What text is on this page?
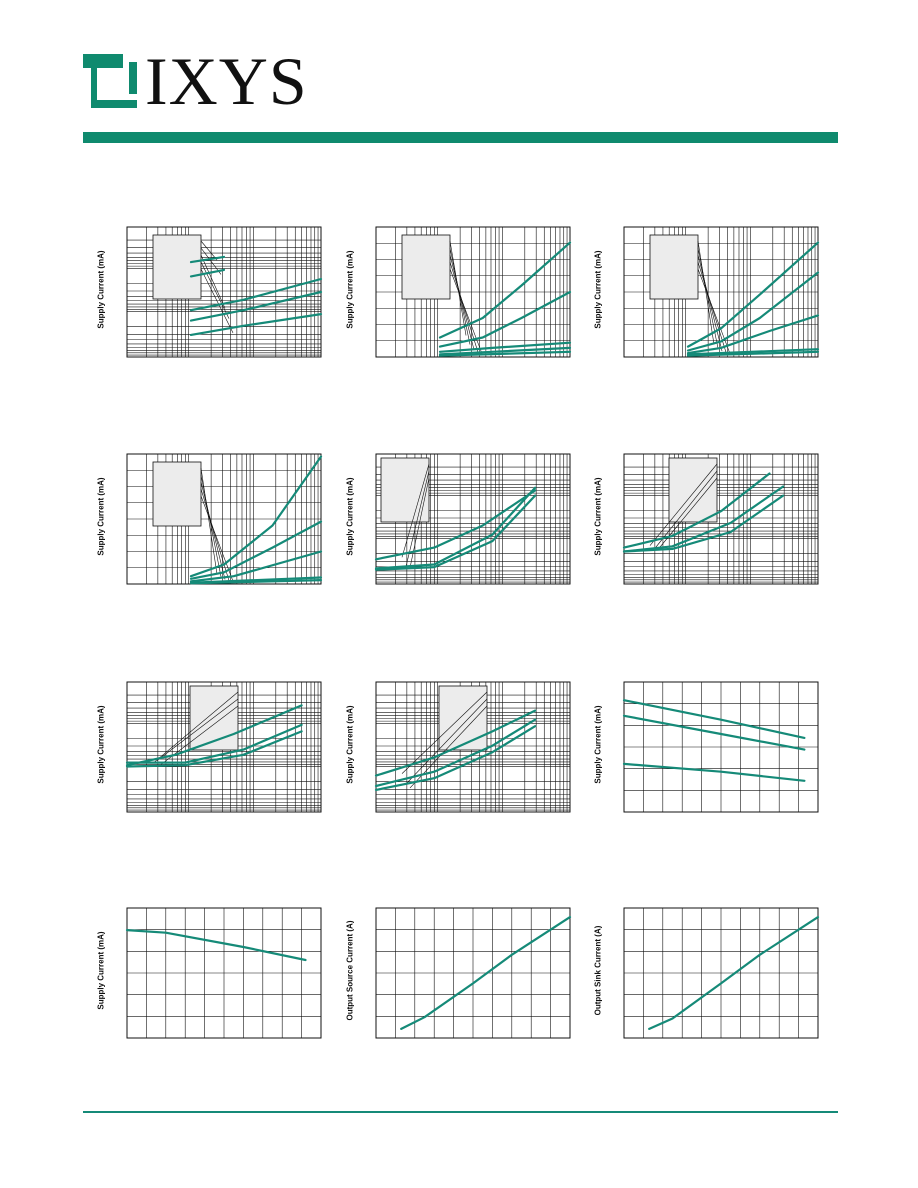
IXYS
Supply Current (mA)	Supply Current (mA)	Supply Current (mA)
Supply Current (mA)	Supply Current (mA)	Supply Current (mA)
Supply Current (mA)	Supply Current (mA)	Supply Current (mA)
Supply Current (mA)	Output Source Current (A)	Output Sink Current (A)
